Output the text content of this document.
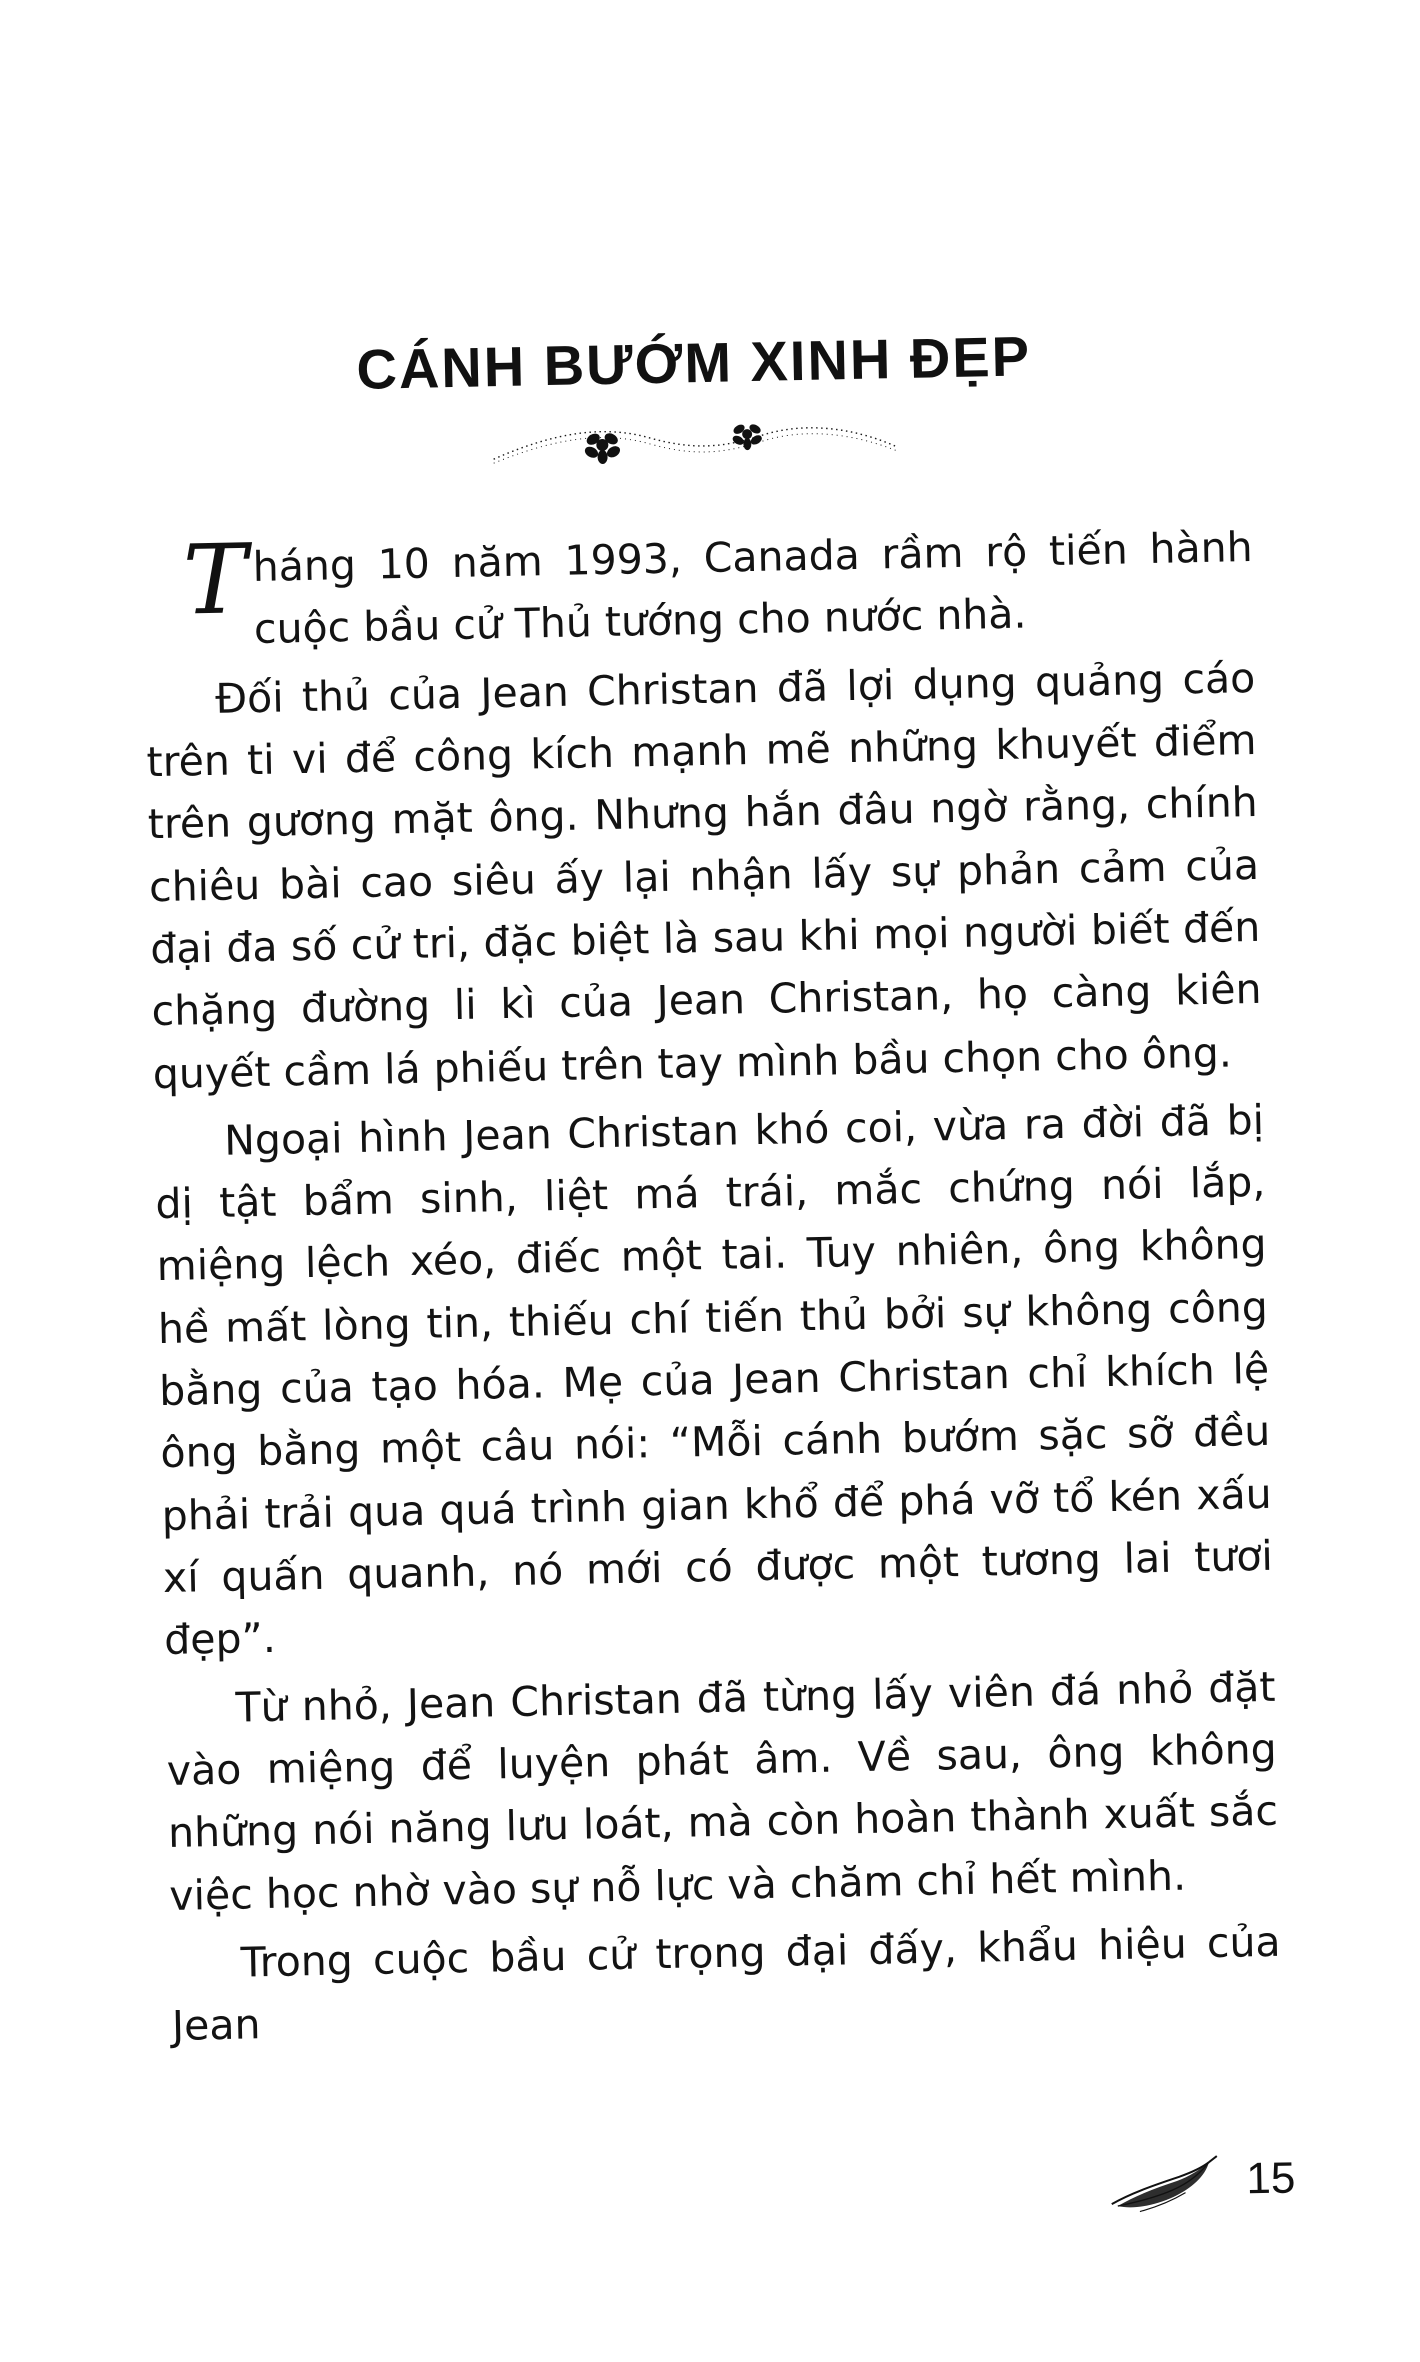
CÁNH BƯỚM XINH ĐẸP

T háng 10 năm 1993, Canada rầm rộ tiến hành cuộc bầu cử Thủ tướng cho nước nhà.

Đối thủ của Jean Christan đã lợi dụng quảng cáo trên ti vi để công kích mạnh mẽ những khuyết điểm trên gương mặt ông. Nhưng hắn đâu ngờ rằng, chính chiêu bài cao siêu ấy lại nhận lấy sự phản cảm của đại đa số cử tri, đặc biệt là sau khi mọi người biết đến chặng đường li kì của Jean Christan, họ càng kiên quyết cầm lá phiếu trên tay mình bầu chọn cho ông.

Ngoại hình Jean Christan khó coi, vừa ra đời đã bị dị tật bẩm sinh, liệt má trái, mắc chứng nói lắp, miệng lệch xéo, điếc một tai. Tuy nhiên, ông không hề mất lòng tin, thiếu chí tiến thủ bởi sự không công bằng của tạo hóa. Mẹ của Jean Christan chỉ khích lệ ông bằng một câu nói: “Mỗi cánh bướm sặc sỡ đều phải trải qua quá trình gian khổ để phá vỡ tổ kén xấu xí quấn quanh, nó mới có được một tương lai tươi đẹp”.

Từ nhỏ, Jean Christan đã từng lấy viên đá nhỏ đặt vào miệng để luyện phát âm. Về sau, ông không những nói năng lưu loát, mà còn hoàn thành xuất sắc việc học nhờ vào sự nỗ lực và chăm chỉ hết mình.

Trong cuộc bầu cử trọng đại đấy, khẩu hiệu của Jean

15
